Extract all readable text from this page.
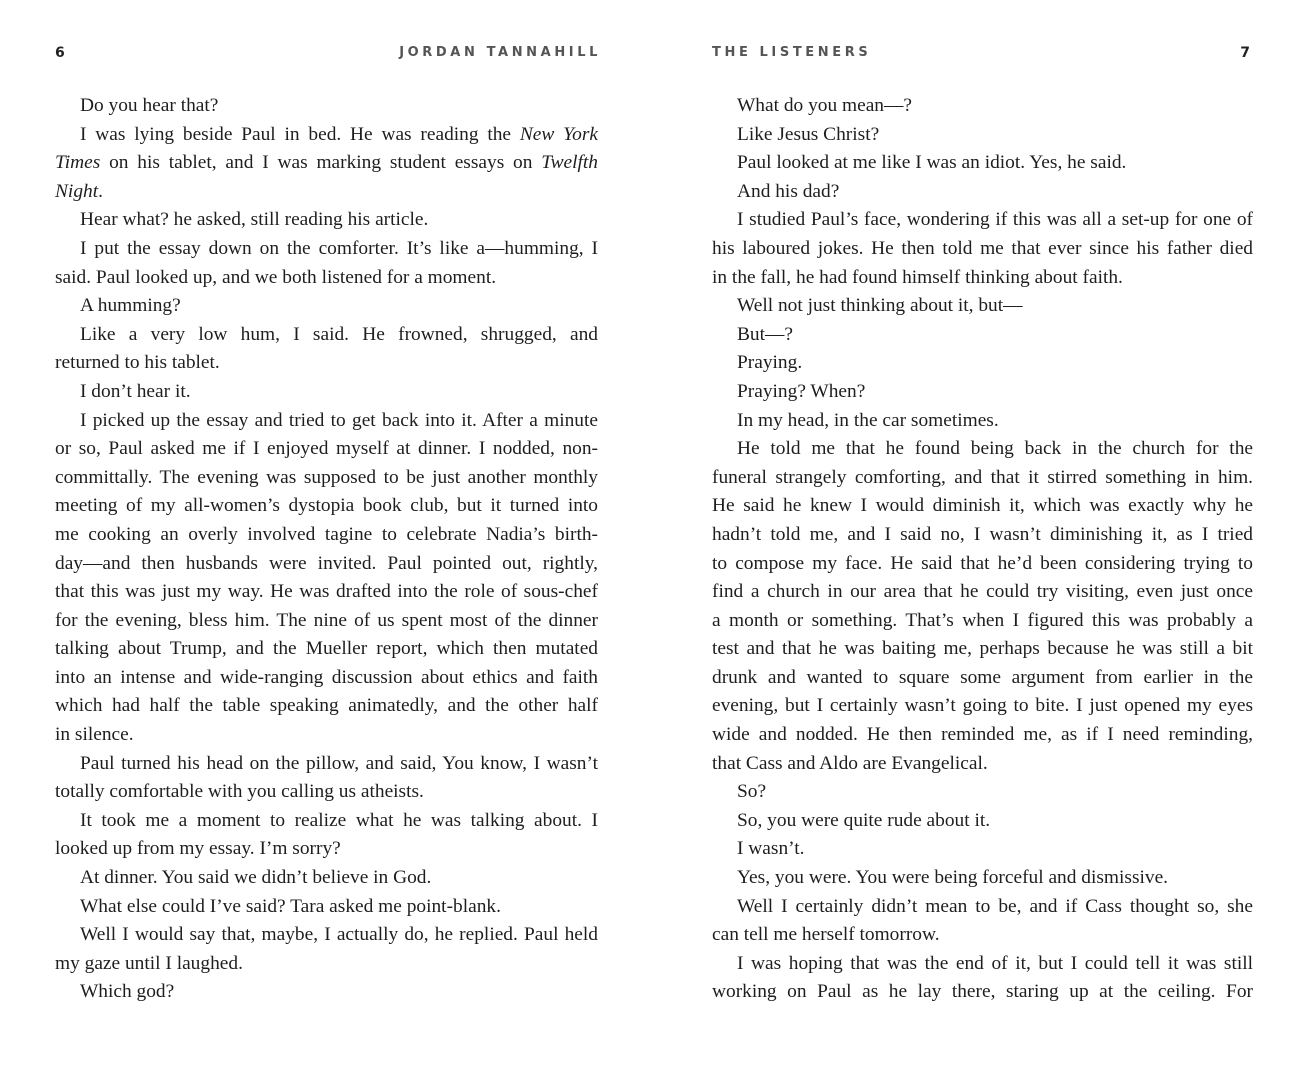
6	JORDAN TANNAHILL
Do you hear that?
I was lying beside Paul in bed. He was reading the New York
Times on his tablet, and I was marking student essays on Twelfth
Night.
Hear what? he asked, still reading his article.
I put the essay down on the comforter. It’s like a—humming, I
said. Paul looked up, and we both listened for a moment.
A humming?
Like a very low hum, I said. He frowned, shrugged, and
returned to his tablet.
I don’t hear it.
I picked up the essay and tried to get back into it. After a minute
or so, Paul asked me if I enjoyed myself at dinner. I nodded, non-
committally. The evening was supposed to be just another monthly
meeting of my all-women’s dystopia book club, but it turned into
me cooking an overly involved tagine to celebrate Nadia’s birth-
day—and then husbands were invited. Paul pointed out, rightly,
that this was just my way. He was drafted into the role of sous-chef
for the evening, bless him. The nine of us spent most of the dinner
talking about Trump, and the Mueller report, which then mutated
into an intense and wide-ranging discussion about ethics and faith
which had half the table speaking animatedly, and the other half
in silence.
Paul turned his head on the pillow, and said, You know, I wasn’t
totally comfortable with you calling us atheists.
It took me a moment to realize what he was talking about. I
looked up from my essay. I’m sorry?
At dinner. You said we didn’t believe in God.
What else could I’ve said? Tara asked me point-blank.
Well I would say that, maybe, I actually do, he replied. Paul held
my gaze until I laughed.
Which god?
THE LISTENERS	7
What do you mean—?
Like Jesus Christ?
Paul looked at me like I was an idiot. Yes, he said.
And his dad?
I studied Paul’s face, wondering if this was all a set-up for one of
his laboured jokes. He then told me that ever since his father died
in the fall, he had found himself thinking about faith.
Well not just thinking about it, but—
But—?
Praying.
Praying? When?
In my head, in the car sometimes.
He told me that he found being back in the church for the
funeral strangely comforting, and that it stirred something in him.
He said he knew I would diminish it, which was exactly why he
hadn’t told me, and I said no, I wasn’t diminishing it, as I tried
to compose my face. He said that he’d been considering trying to
find a church in our area that he could try visiting, even just once
a month or something. That’s when I figured this was probably a
test and that he was baiting me, perhaps because he was still a bit
drunk and wanted to square some argument from earlier in the
evening, but I certainly wasn’t going to bite. I just opened my eyes
wide and nodded. He then reminded me, as if I need reminding,
that Cass and Aldo are Evangelical.
So?
So, you were quite rude about it.
I wasn’t.
Yes, you were. You were being forceful and dismissive.
Well I certainly didn’t mean to be, and if Cass thought so, she
can tell me herself tomorrow.
I was hoping that was the end of it, but I could tell it was still
working on Paul as he lay there, staring up at the ceiling. For
